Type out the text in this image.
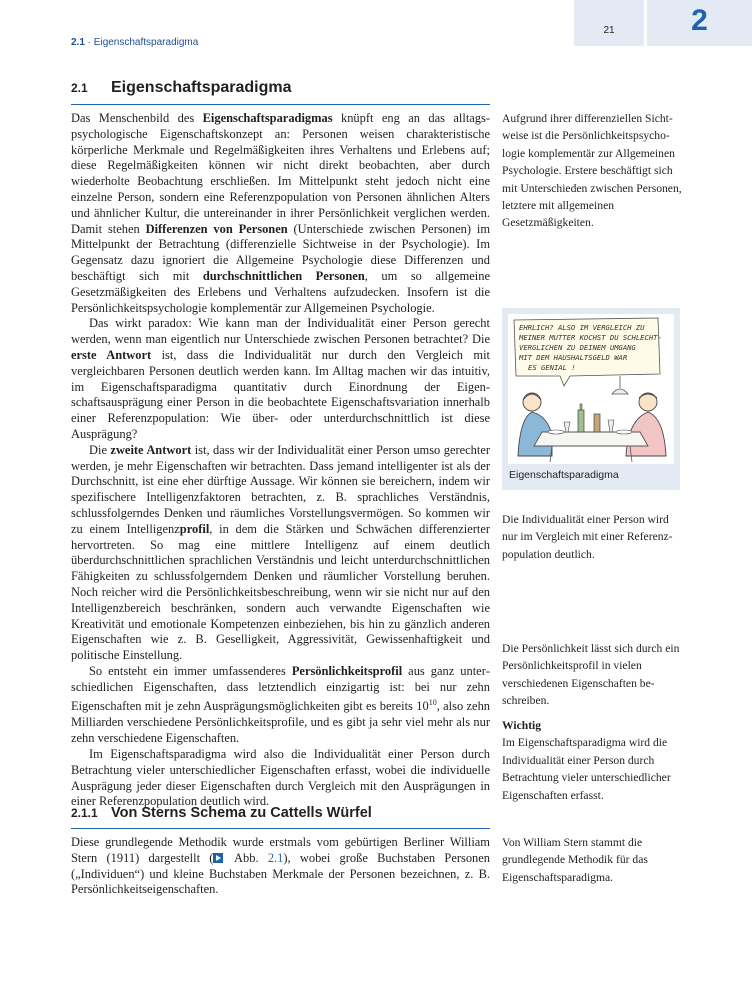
2.1 · Eigenschaftsparadigma
21	2
2.1 Eigenschaftsparadigma

Das Menschenbild des Eigenschaftsparadigmas knüpft eng an das alltagspsychologische Eigenschaftskonzept an: Personen weisen charakteristische körperliche Merkmale und Regelmäßigkeiten ihres Verhaltens und Erlebens auf; diese Regelmäßigkeiten können wir nicht direkt beobachten, aber durch wiederholte Beobachtung erschließen. Im Mittelpunkt steht jedoch nicht eine einzelne Person, sondern eine Referenzpopulation von Personen ähnlichen Alters und ähnlicher Kultur, die untereinander in ihrer Persönlichkeit verglichen werden. Damit stehen Differenzen von Personen (Unterschiede zwischen Personen) im Mittelpunkt der Betrachtung (differenzielle Sichtweise in der Psychologie). Im Gegensatz dazu ignoriert die Allgemeine Psychologie diese Differenzen und beschäftigt sich mit durchschnittlichen Personen, um so allgemeine Gesetzmäßigkeiten des Erlebens und Verhaltens aufzudecken. Insofern ist die Persönlichkeitspsychologie komplementär zur Allgemeinen Psychologie.

Das wirkt paradox: Wie kann man der Individualität einer Person gerecht werden, wenn man eigentlich nur Unterschiede zwischen Personen betrachtet? Die erste Antwort ist, dass die Individualität nur durch den Vergleich mit vergleichbaren Personen deutlich werden kann. Im Alltag machen wir das intuitiv, im Eigenschaftsparadigma quantitativ durch Einordnung der Eigenschaftsausprägung einer Person in die beobachtete Eigenschaftsvariation innerhalb einer Referenzpopulation: Wie über- oder unterdurchschnittlich ist diese Ausprägung?

Die zweite Antwort ist, dass wir der Individualität einer Person umso gerechter werden, je mehr Eigenschaften wir betrachten. Dass jemand intelligenter ist als der Durchschnitt, ist eine eher dürftige Aussage. Wir können sie bereichern, indem wir spezifischere Intelligenzfaktoren betrachten, z. B. sprachliches Verständnis, schlussfolgerndes Denken und räumliches Vorstellungsvermögen. So kommen wir zu einem Intelligenzprofil, in dem die Stärken und Schwächen differenzierter hervortreten. So mag eine mittlere Intelligenz auf einem deutlich überdurchschnittlichen sprachlichen Verständnis und leicht unterdurchschnittlichen Fähigkeiten zu schlussfolgerndem Denken und räumlicher Vorstellung beruhen. Noch reicher wird die Persönlichkeitsbeschreibung, wenn wir sie nicht nur auf den Intelligenzbereich beschränken, sondern auch verwandte Eigenschaften wie Kreativität und emotionale Kompetenzen einbeziehen, bis hin zu gänzlich anderen Eigenschaften wie z. B. Geselligkeit, Aggressivität, Gewissenhaftigkeit und politische Einstellung.

So entsteht ein immer umfassenderes Persönlichkeitsprofil aus ganz unterschiedlichen Eigenschaften, dass letztendlich einzigartig ist: bei nur zehn Eigenschaften mit je zehn Ausprägungsmöglichkeiten gibt es bereits $10^{10}$, also zehn Milliarden verschiedene Persönlichkeitsprofile, und es gibt ja sehr viel mehr als nur zehn verschiedene Eigenschaften.

Im Eigenschaftsparadigma wird also die Individualität einer Person durch Betrachtung vieler unterschiedlicher Eigenschaften erfasst, wobei die individuelle Ausprägung jeder dieser Eigenschaften durch Vergleich mit den Ausprägungen in einer Referenzpopulation deutlich wird.

2.1.1 Von Sterns Schema zu Cattells Würfel

Diese grundlegende Methodik wurde erstmals vom gebürtigen Berliner William Stern (1911) dargestellt ( Abb. 2.1), wobei große Buchstaben Personen („Individuen“) und kleine Buchstaben Merkmale der Personen bezeichnen, z. B. Persönlichkeitseigenschaften.

Aufgrund ihrer differenziellen Sichtweise ist die Persönlichkeitspsychologie komplementär zur Allgemeinen Psychologie. Erstere beschäftigt sich mit Unterschieden zwischen Personen, letztere mit allgemeinen Gesetzmäßigkeiten.
EHRLICH? ALSO IM VERGLEICH ZU
MEINER MUTTER KOCHST DU SCHLECHT-
VERGLICHEN ZU DEINEM UMGANG
MIT DEM HAUSHALTSGELD WAR
ES GENIAL !
Eigenschaftsparadigma
Die Individualität einer Person wird nur im Vergleich mit einer Referenzpopulation deutlich.
Die Persönlichkeit lässt sich durch ein Persönlichkeitsprofil in vielen verschiedenen Eigenschaften beschreiben.
Wichtig
Im Eigenschaftsparadigma wird die Individualität einer Person durch Betrachtung vieler unterschiedlicher Eigenschaften erfasst.
Von William Stern stammt die grundlegende Methodik für das Eigenschaftsparadigma.
